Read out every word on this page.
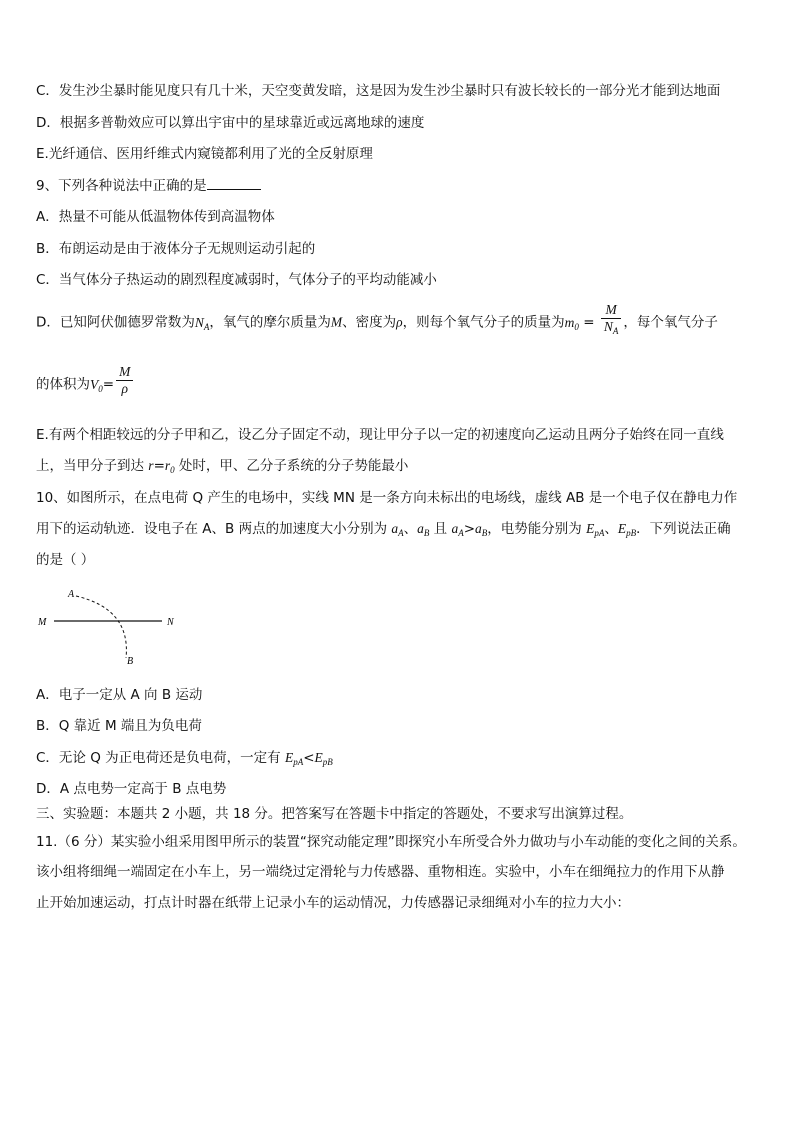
C．发生沙尘暴时能见度只有几十米，天空变黄发暗，这是因为发生沙尘暴时只有波长较长的一部分光才能到达地面
D．根据多普勒效应可以算出宇宙中的星球靠近或远离地球的速度
E.光纤通信、医用纤维式内窥镜都利用了光的全反射原理
9、下列各种说法中正确的是
A．热量不可能从低温物体传到高温物体
B．布朗运动是由于液体分子无规则运动引起的
C．当气体分子热运动的剧烈程度减弱时，气体分子的平均动能减小
D．已知阿伏伽德罗常数为$N_A$，氧气的摩尔质量为M、密度为ρ，则每个氧气分子的质量为$m_0 = \frac{M}{N_A}$ ，每个氧气分子
的体积为$V_0= \frac{M}{\rho}$
E.有两个相距较远的分子甲和乙，设乙分子固定不动，现让甲分子以一定的初速度向乙运动且两分子始终在同一直线
上，当甲分子到达 $r=r_0$ 处时，甲、乙分子系统的分子势能最小
10、如图所示，在点电荷 Q 产生的电场中，实线 MN 是一条方向未标出的电场线，虚线 AB 是一个电子仅在静电力作
用下的运动轨迹．设电子在 A、B 两点的加速度大小分别为 $a_A$、$a_B$ 且 $a_A>a_B$，电势能分别为 $E_{pA}$、$E_{pB}$．下列说法正确
的是（ ）
A
B
M	N
A．电子一定从 A 向 B 运动
B．Q 靠近 M 端且为负电荷
C．无论 Q 为正电荷还是负电荷，一定有 $E_{pA}<E_{pB}$
D．A 点电势一定高于 B 点电势
三、实验题：本题共 2 小题，共 18 分。把答案写在答题卡中指定的答题处，不要求写出演算过程。
11.（6 分）某实验小组采用图甲所示的装置“探究动能定理”即探究小车所受合外力做功与小车动能的变化之间的关系。
该小组将细绳一端固定在小车上，另一端绕过定滑轮与力传感器、重物相连。实验中，小车在细绳拉力的作用下从静
止开始加速运动，打点计时器在纸带上记录小车的运动情况，力传感器记录细绳对小车的拉力大小：
